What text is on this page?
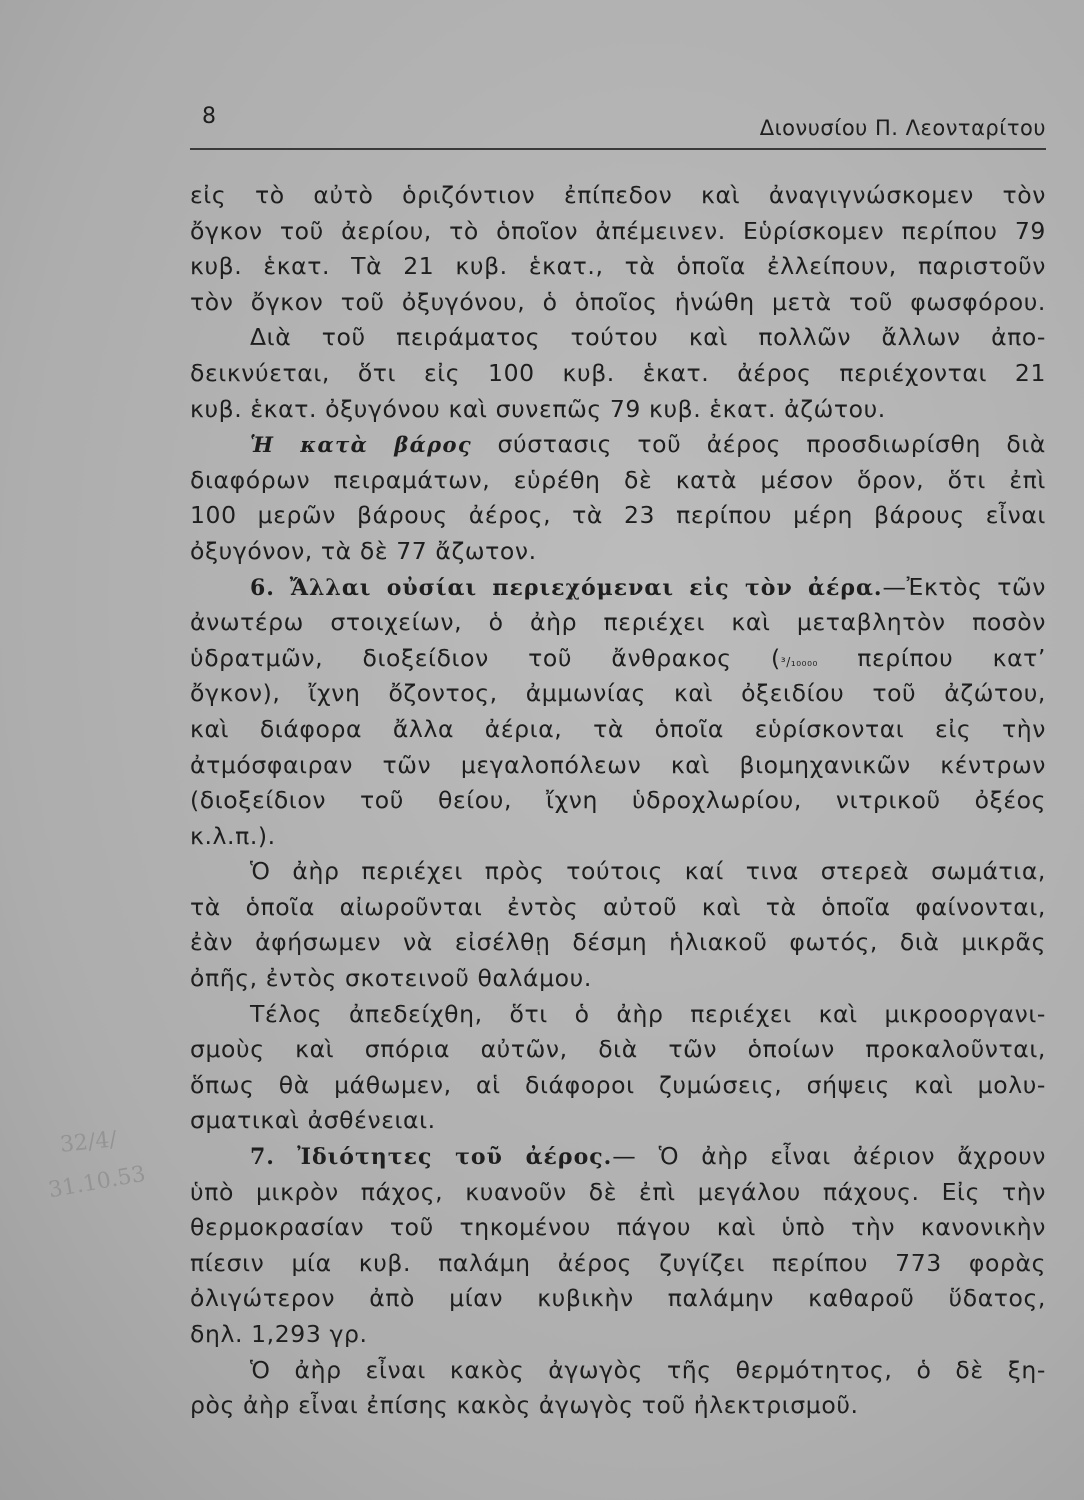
8	Διονυσίου Π. Λεονταρίτου
εἰς τὸ αὐτὸ ὁριζόντιον ἐπίπεδον καὶ ἀναγιγνώσκομεν τὸν
ὄγκον τοῦ ἀερίου, τὸ ὁποῖον ἀπέμεινεν. Εὑρίσκομεν περίπου 79
κυβ. ἑκατ. Τὰ 21 κυβ. ἑκατ., τὰ ὁποῖα ἐλλείπουν, παριστοῦν
τὸν ὄγκον τοῦ ὀξυγόνου, ὁ ὁποῖος ἡνώθη μετὰ τοῦ φωσφόρου.
Διὰ τοῦ πειράματος τούτου καὶ πολλῶν ἄλλων ἀπο-
δεικνύεται, ὅτι εἰς 100 κυβ. ἑκατ. ἀέρος περιέχονται 21
κυβ. ἑκατ. ὀξυγόνου καὶ συνεπῶς 79 κυβ. ἑκατ. ἀζώτου.
Ἡ κατὰ βάρος σύστασις τοῦ ἀέρος προσδιωρίσθη διὰ
διαφόρων πειραμάτων, εὑρέθη δὲ κατὰ μέσον ὅρον, ὅτι ἐπὶ
100 μερῶν βάρους ἀέρος, τὰ 23 περίπου μέρη βάρους εἶναι
ὀξυγόνον, τὰ δὲ 77 ἄζωτον.
6. Ἄλλαι οὐσίαι περιεχόμεναι εἰς τὸν ἀέρα.—Ἐκτὸς τῶν
ἀνωτέρω στοιχείων, ὁ ἀὴρ περιέχει καὶ μεταβλητὸν ποσὸν
ὑδρατμῶν, διοξείδιον τοῦ ἄνθρακος (³/₁₀₀₀₀ περίπου κατ’
ὄγκον), ἴχνη ὄζοντος, ἀμμωνίας καὶ ὀξειδίου τοῦ ἀζώτου,
καὶ διάφορα ἄλλα ἀέρια, τὰ ὁποῖα εὑρίσκονται εἰς τὴν
ἀτμόσφαιραν τῶν μεγαλοπόλεων καὶ βιομηχανικῶν κέντρων
(διοξείδιον τοῦ θείου, ἴχνη ὑδροχλωρίου, νιτρικοῦ ὀξέος
κ.λ.π.).
Ὁ ἀὴρ περιέχει πρὸς τούτοις καί τινα στερεὰ σωμάτια,
τὰ ὁποῖα αἰωροῦνται ἐντὸς αὐτοῦ καὶ τὰ ὁποῖα φαίνονται,
ἐὰν ἀφήσωμεν νὰ εἰσέλθῃ δέσμη ἡλιακοῦ φωτός, διὰ μικρᾶς
ὀπῆς, ἐντὸς σκοτεινοῦ θαλάμου.
Τέλος ἀπεδείχθη, ὅτι ὁ ἀὴρ περιέχει καὶ μικροοργανι-
σμοὺς καὶ σπόρια αὐτῶν, διὰ τῶν ὁποίων προκαλοῦνται,
ὅπως θὰ μάθωμεν, αἱ διάφοροι ζυμώσεις, σήψεις καὶ μολυ-
σματικαὶ ἀσθένειαι.
7. Ἰδιότητες τοῦ ἀέρος.— Ὁ ἀὴρ εἶναι ἀέριον ἄχρουν
ὑπὸ μικρὸν πάχος, κυανοῦν δὲ ἐπὶ μεγάλου πάχους. Εἰς τὴν
θερμοκρασίαν τοῦ τηκομένου πάγου καὶ ὑπὸ τὴν κανονικὴν
πίεσιν μία κυβ. παλάμη ἀέρος ζυγίζει περίπου 773 φορὰς
ὀλιγώτερον ἀπὸ μίαν κυβικὴν παλάμην καθαροῦ ὕδατος,
δηλ. 1,293 γρ.
Ὁ ἀὴρ εἶναι κακὸς ἀγωγὸς τῆς θερμότητος, ὁ δὲ ξη-
ρὸς ἀὴρ εἶναι ἐπίσης κακὸς ἀγωγὸς τοῦ ἠλεκτρισμοῦ.
32/4/
31.10.53
